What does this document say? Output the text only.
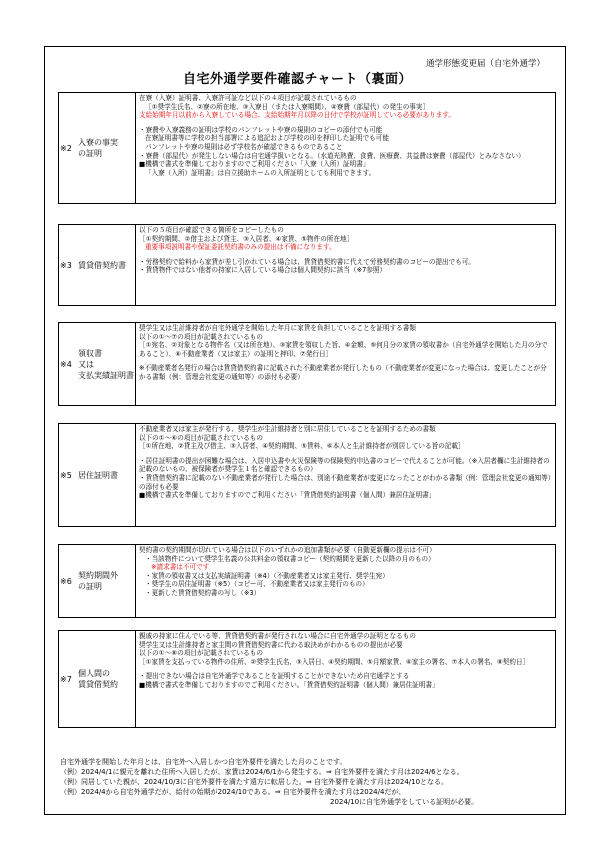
通学形態変更届（自宅外通学）
自宅外通学要件確認チャート（裏面）
※2
入寮の事実
の証明

在寮（入寮）証明書、入寮許可証など以下の４項目が記載されているもの

［①奨学生氏名、②寮の所在地、③入寮日（または入寮期間）、④寮費（部屋代）の発生の事実］

支給始期年月以前から入寮している場合、支給始期年月以降の日付で学校が証明している必要があります。

・寮費や入寮義務の証明は学校のパンフレットや寮の規則のコピーの添付でも可能

在寮証明書等に学校の担当部署による追記および学校の印を押印した証明でも可能

パンフレットや寮の規則は必ず学校名が確認できるものであること

・寮費（部屋代）が発生しない場合は自宅通学扱いとなる。（水道光熱費、食費、医療費、共益費は寮費（部屋代）とみなさない）

■機構で書式を準備しておりますのでご利用ください「入寮（入所）証明書」

「入寮（入所）証明書」は自立援助ホームの入所証明としても利用できます。

※3 賃貸借契約書

以下の５項目が確認できる箇所をコピーしたもの

［①契約期間、②借主および貸主、③入居者、④家賃、⑤物件の所在地］

重要事項説明書や保証委託契約書のみの提出は不備になります。

・労務契約で給料から家賃が差し引かれている場合は、賃貸借契約書に代えて労務契約書のコピーの提出でも可。

・賃貸物件ではない他者の持家に入居している場合は個人間契約に該当（※7参照）

※4
領収書
又は
支払実績証明書

奨学生又は生計維持者が自宅外通学を開始した年月に家賃を負担していることを証明する書類

以下の①～⑦の項目が記載されているもの

［①宛名、②対象となる物件名（又は所在地）、③家賃を領収した旨、④金額、⑤何月分の家賃の領収書か（自宅外通学を開始した月の分であること）、⑥不動産業者（又は家主）の証明と押印、⑦発行日］

※不動産業者名発行の場合は賃貸借契約書に記載された不動産業者が発行したもの（不動産業者が変更になった場合は、変更したことが分かる書類（例：管理会社変更の通知等）の添付も必要）

※5 居住証明書

不動産業者又は家主が発行する、奨学生が生計維持者と別に居住していることを証明するための書類

以下の①～⑥の項目が記載されているもの

［①所在地、②貸主及び借主、③入居者、④契約期間、⑤賃料、⑥本人と生計維持者が別居している旨の記載］

・居住証明書の提出が困難な場合は、入居申込書や火災保険等の保険契約申込書のコピーで代えることが可能。（※入居者欄に生計維持者の記載のないもの、被保険者が奨学生１名と確認できるもの）

・賃貸借契約書に記載のない不動産業者が発行した場合は、別途不動産業者が変更になったことがわかる書類（例：管理会社変更の通知等）の添付も必要

■機構で書式を準備しておりますのでご利用ください「賃貸借契約証明書（個人間）兼居住証明書」

※6
契約期間外
の証明

契約書の契約期間が切れている場合は以下のいずれかの追加書類が必要（自動更新欄の提示は不可）

・当該物件について奨学生名義の公共料金の領収書コピー（契約期間を更新した以降の月のもの）

※請求書は不可です

・家賃の領収書又は支払実績証明書（※4）（不動産業者又は家主発行、奨学生宛）

・奨学生の居住証明書（※5）（コピー可、不動産業者又は家主発行のもの）

・更新した賃貸借契約書の写し（※3）

※7
個人間の
賃貸借契約

親戚の持家に住んでいる等、賃貸借契約書が発行されない場合に自宅外通学の証明となるもの

奨学生又は生計維持者と家主間の賃貸借契約書に代わる取決めがわかるものの提出が必要

以下の①～⑧の項目が記載されているもの

［①家賃を支払っている物件の住所、②奨学生氏名、③入居日、④契約期間、⑤月額家賃、⑥家主の署名、⑦本人の署名、⑧契約日］

・提出できない場合は自宅外通学であることを証明することができないため自宅通学とする

■機構で書式を準備しておりますのでご利用ください。「賃貸借契約証明書（個人間）兼居住証明書」

自宅外通学を開始した年月とは、自宅外へ入居しかつ自宅外要件を満たした月のことです。

（例）2024/4/1に親元を離れた住所へ入居したが、家賃は2024/6/1から発生する。⇒ 自宅外要件を満たす月は2024/6となる。

（例）同居していた親が、2024/10/3に自宅外要件を満たす遠方に転居した。⇒ 自宅外要件を満たす月は2024/10となる。

（例）2024/4から自宅外通学だが、給付の始期が2024/10である。⇒ 自宅外要件を満たす月は2024/4だが、

2024/10に自宅外通学をしている証明が必要。
